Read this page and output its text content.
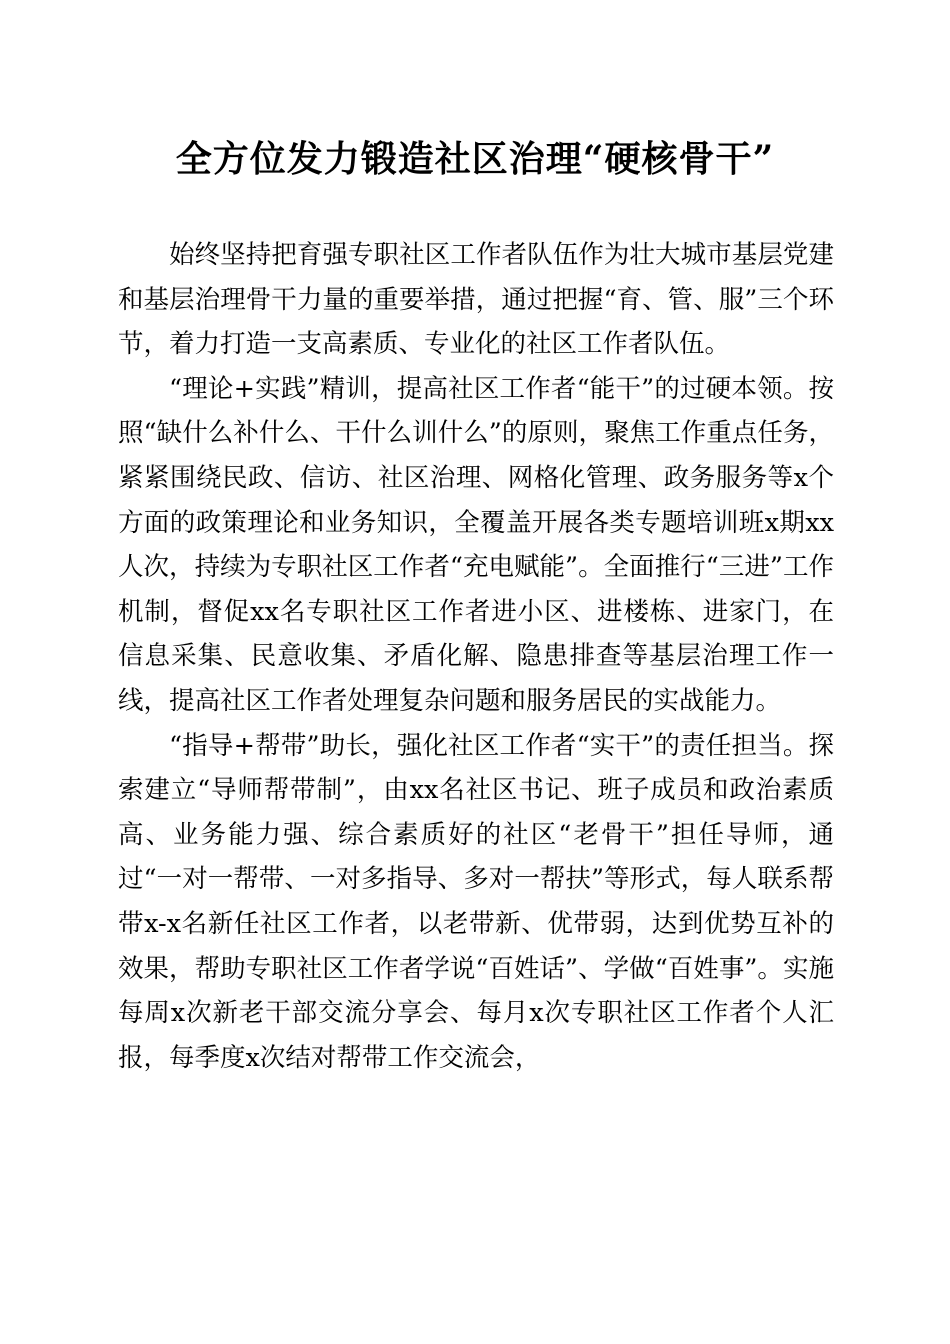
全方位发力锻造社区治理“硬核骨干”

始终坚持把育强专职社区工作者队伍作为壮大城市基层党建和基层治理骨干力量的重要举措，通过把握“育、管、服”三个环节，着力打造一支高素质、专业化的社区工作者队伍。

“理论+实践”精训，提高社区工作者“能干”的过硬本领。按照“缺什么补什么、干什么训什么”的原则，聚焦工作重点任务，紧紧围绕民政、信访、社区治理、网格化管理、政务服务等x个方面的政策理论和业务知识，全覆盖开展各类专题培训班x期xx人次，持续为专职社区工作者“充电赋能”。全面推行“三进”工作机制，督促xx名专职社区工作者进小区、进楼栋、进家门，在信息采集、民意收集、矛盾化解、隐患排查等基层治理工作一线，提高社区工作者处理复杂问题和服务居民的实战能力。

“指导+帮带”助长，强化社区工作者“实干”的责任担当。探索建立“导师帮带制”，由xx名社区书记、班子成员和政治素质高、业务能力强、综合素质好的社区“老骨干”担任导师，通过“一对一帮带、一对多指导、多对一帮扶”等形式，每人联系帮带x-x名新任社区工作者，以老带新、优带弱，达到优势互补的效果，帮助专职社区工作者学说“百姓话”、学做“百姓事”。实施每周x次新老干部交流分享会、每月x次专职社区工作者个人汇报，每季度x次结对帮带工作交流会，
